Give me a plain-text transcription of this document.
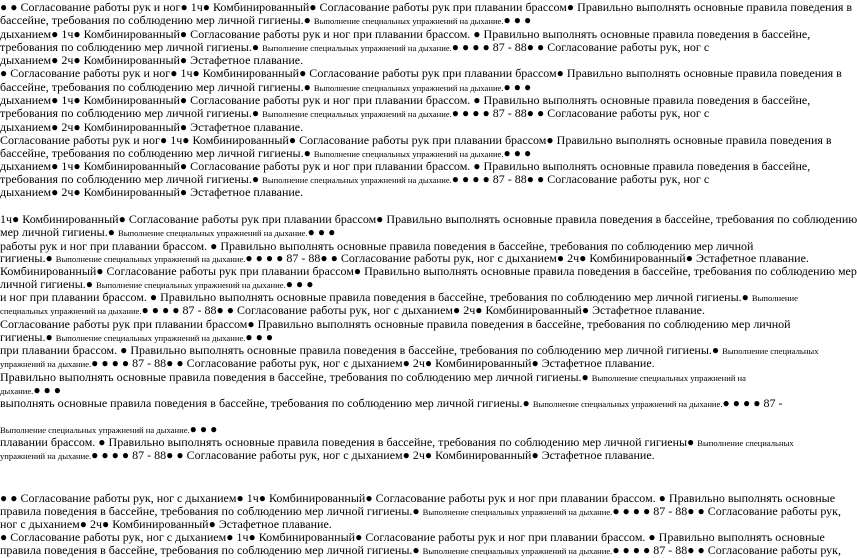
● ● Согласование работы рук и ног● 1ч● Комбинированный● Согласование работы рук при плавании брассом● Правильно выполнять основные правила поведения в
бассейне, требования по соблюдению мер личной гигиены.● Выполнение специальных упражнений на дыхание.● ● ●
дыханием● 1ч● Комбинированный● Согласование работы рук и ног при плавании брассом. ● Правильно выполнять основные правила поведения в бассейне,
требования по соблюдению мер личной гигиены.● Выполнение специальных упражнений на дыхание.● ● ● ● 87 - 88● ● Согласование работы рук, ног с
дыханием● 2ч● Комбинированный● Эстафетное плавание.
● Согласование работы рук и ног● 1ч● Комбинированный● Согласование работы рук при плавании брассом● Правильно выполнять основные правила поведения в
бассейне, требования по соблюдению мер личной гигиены.● Выполнение специальных упражнений на дыхание.● ● ●
дыханием● 1ч● Комбинированный● Согласование работы рук и ног при плавании брассом. ● Правильно выполнять основные правила поведения в бассейне,
требования по соблюдению мер личной гигиены.● Выполнение специальных упражнений на дыхание.● ● ● ● 87 - 88● ● Согласование работы рук, ног с
дыханием● 2ч● Комбинированный● Эстафетное плавание.
Согласование работы рук и ног● 1ч● Комбинированный● Согласование работы рук при плавании брассом● Правильно выполнять основные правила поведения в
бассейне, требования по соблюдению мер личной гигиены.● Выполнение специальных упражнений на дыхание.● ● ●
дыханием● 1ч● Комбинированный● Согласование работы рук и ног при плавании брассом. ● Правильно выполнять основные правила поведения в бассейне,
требования по соблюдению мер личной гигиены.● Выполнение специальных упражнений на дыхание.● ● ● ● 87 - 88● ● Согласование работы рук, ног с
дыханием● 2ч● Комбинированный● Эстафетное плавание.
1ч● Комбинированный● Согласование работы рук при плавании брассом● Правильно выполнять основные правила поведения в бассейне, требования по соблюдению
мер личной гигиены.● Выполнение специальных упражнений на дыхание.● ● ●
работы рук и ног при плавании брассом. ● Правильно выполнять основные правила поведения в бассейне, требования по соблюдению мер личной
гигиены.● Выполнение специальных упражнений на дыхание.● ● ● ● 87 - 88● ● Согласование работы рук, ног с дыханием● 2ч● Комбинированный● Эстафетное плавание.
Комбинированный● Согласование работы рук при плавании брассом● Правильно выполнять основные правила поведения в бассейне, требования по соблюдению мер
личной гигиены.● Выполнение специальных упражнений на дыхание.● ● ●
и ног при плавании брассом. ● Правильно выполнять основные правила поведения в бассейне, требования по соблюдению мер личной гигиены.● Выполнение
специальных упражнений на дыхание.● ● ● ● 87 - 88● ● Согласование работы рук, ног с дыханием● 2ч● Комбинированный● Эстафетное плавание.
Согласование работы рук при плавании брассом● Правильно выполнять основные правила поведения в бассейне, требования по соблюдению мер личной
гигиены.● Выполнение специальных упражнений на дыхание.● ● ●
при плавании брассом. ● Правильно выполнять основные правила поведения в бассейне, требования по соблюдению мер личной гигиены.● Выполнение специальных
упражнений на дыхание.● ● ● ● 87 - 88● ● Согласование работы рук, ног с дыханием● 2ч● Комбинированный● Эстафетное плавание.
Правильно выполнять основные правила поведения в бассейне, требования по соблюдению мер личной гигиены.● Выполнение специальных упражнений на
дыхание.● ● ●
выполнять основные правила поведения в бассейне, требования по соблюдению мер личной гигиены.● Выполнение специальных упражнений на дыхание.● ● ● ● 87 -
Выполнение специальных упражнений на дыхание.● ● ●
плавании брассом. ● Правильно выполнять основные правила поведения в бассейне, требования по соблюдению мер личной гигиены● Выполнение специальных
упражнений на дыхание.● ● ● ● 87 - 88● ● Согласование работы рук, ног с дыханием● 2ч● Комбинированный● Эстафетное плавание.
● ● Согласование работы рук, ног с дыханием● 1ч● Комбинированный● Согласование работы рук и ног при плавании брассом. ● Правильно выполнять основные
правила поведения в бассейне, требования по соблюдению мер личной гигиены.● Выполнение специальных упражнений на дыхание.● ● ● ● 87 - 88● ● Согласование работы рук,
ног с дыханием● 2ч● Комбинированный● Эстафетное плавание.
● Согласование работы рук, ног с дыханием● 1ч● Комбинированный● Согласование работы рук и ног при плавании брассом. ● Правильно выполнять основные
правила поведения в бассейне, требования по соблюдению мер личной гигиены.● Выполнение специальных упражнений на дыхание.● ● ● ● 87 - 88● ● Согласование работы рук,
